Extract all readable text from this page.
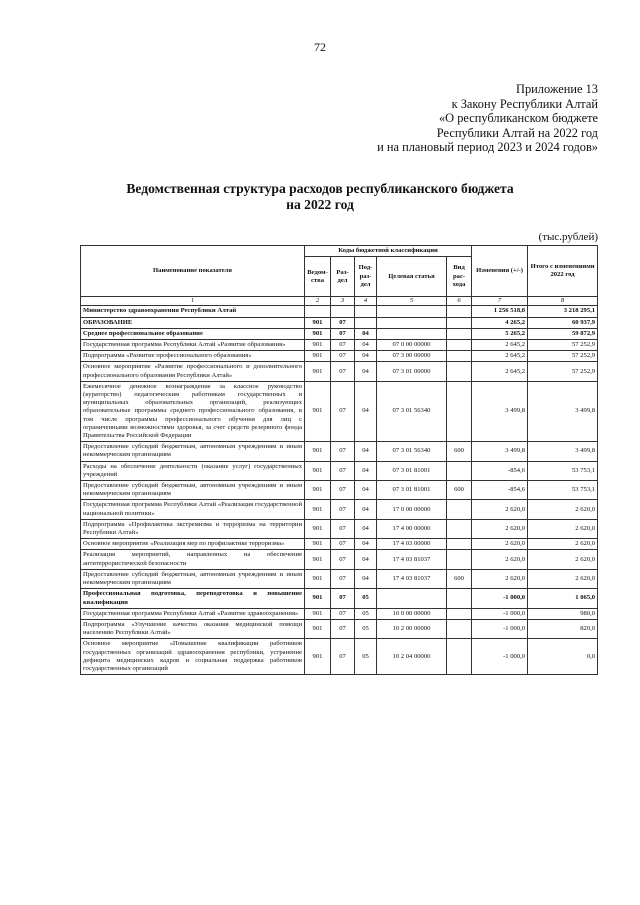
72
Приложение 13
к Закону Республики Алтай
«О республиканском бюджете
Республики Алтай на 2022 год
и на плановый период 2023 и 2024 годов»
Ведомственная структура расходов республиканского бюджета
на 2022 год
(тыс.рублей)
Наименование показателя	Коды бюджетной классификации					Изменения (+/-)	Итого с изменениями 2022 год
	Ведом-ства	Раз-дел	Под-раз-дел	Целевая статья	Вид рас-хода		
1	2	3	4	5	6	7	8
Министерство здравоохранения Республики Алтай						1 256 518,8	3 218 295,1
ОБРАЗОВАНИЕ	901	07				4 265,2	60 937,9
Среднее профессиональное образование	901	07	04			5 265,2	59 872,9
Государственная программа Республики Алтай «Развитие образования»	901	07	04	07 0 00 00000		2 645,2	57 252,9
Подпрограмма «Развитие профессионального образования»	901	07	04	07 3 00 00000		2 645,2	57 252,9
Основное мероприятие «Развитие профессионального и дополнительного профессионального образования Республики Алтай»	901	07	04	07 3 01 00000		2 645,2	57 252,9
Ежемесячное денежное вознаграждение за классное руководство (кураторство) педагогическим работникам государственных и муниципальных образовательных организаций, реализующих образовательные программы среднего профессионального образования, в том числе программы профессионального обучения для лиц с ограниченными возможностями здоровья, за счет средств резервного фонда Правительства Российской Федерации	901	07	04	07 3 01 56340		3 499,8	3 499,8
Предоставление субсидий бюджетным, автономным учреждениям и иным некоммерческим организациям	901	07	04	07 3 01 56340	600	3 499,8	3 499,8
Расходы на обеспечение деятельности (оказание услуг) государственных учреждений	901	07	04	07 3 01 81001		-854,6	53 753,1
Предоставление субсидий бюджетным, автономным учреждениям и иным некоммерческим организациям	901	07	04	07 3 01 81001	600	-854,6	53 753,1
Государственная программа Республики Алтай «Реализация государственной национальной политики»	901	07	04	17 0 00 00000		2 620,0	2 620,0
Подпрограмма «Профилактика экстремизма и терроризма на территории Республики Алтай»	901	07	04	17 4 00 00000		2 620,0	2 620,0
Основное мероприятие «Реализация мер по профилактике терроризма»	901	07	04	17 4 03 00000		2 620,0	2 620,0
Реализация мероприятий, направленных на обеспечение антитеррористической безопасности	901	07	04	17 4 03 81037		2 620,0	2 620,0
Предоставление субсидий бюджетным, автономным учреждениям и иным некоммерческим организациям	901	07	04	17 4 03 81037	600	2 620,0	2 620,0
Профессиональная подготовка, переподготовка и повышение квалификации	901	07	05			-1 000,0	1 065,0
Государственная программа Республики Алтай «Развитие здравоохранения»	901	07	05	10 0 00 00000		-1 000,0	980,0
Подпрограмма «Улучшение качества оказания медицинской помощи населению Республики Алтай»	901	07	05	10 2 00 00000		-1 000,0	820,0
Основное мероприятие «Повышение квалификации работников государственных организаций здравоохранения республики, устранение дефицита медицинских кадров и социальная поддержка работников государственных организаций	901	07	05	10 2 04 00000		-1 000,0	0,0
